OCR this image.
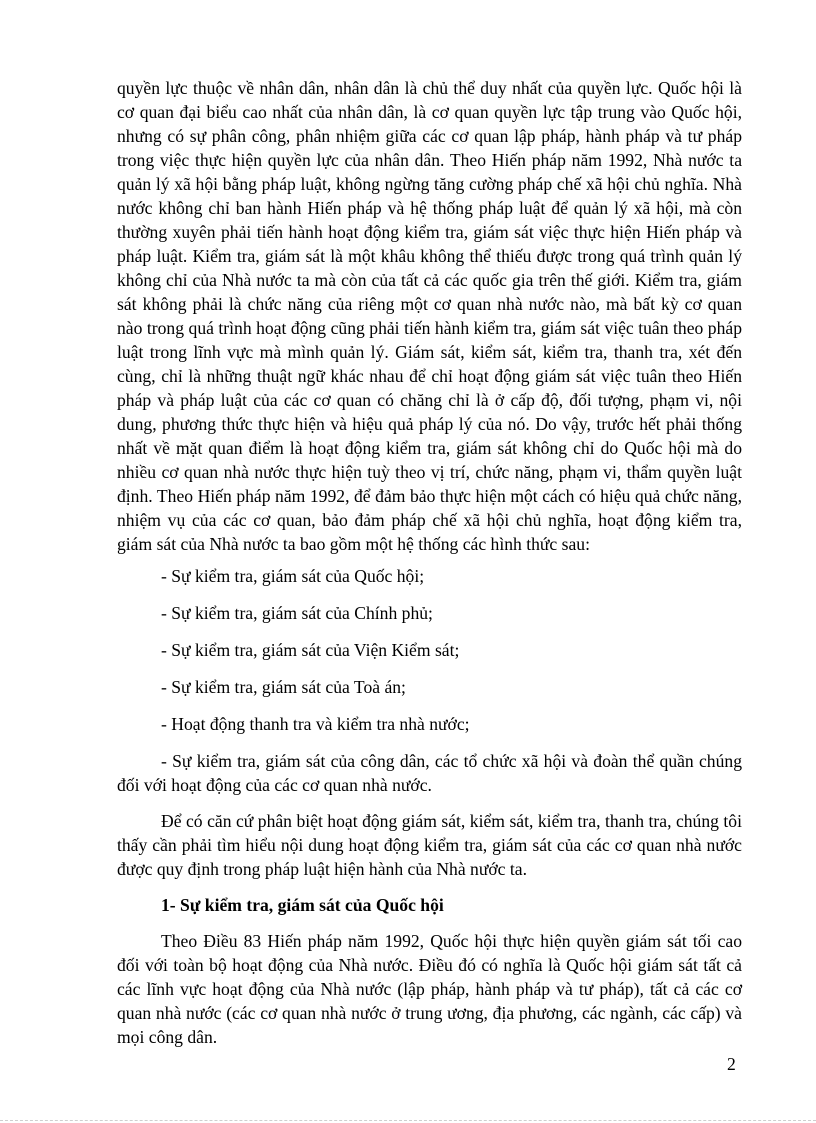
quyền lực thuộc về nhân dân, nhân dân là chủ thể duy nhất của quyền lực. Quốc hội là cơ quan đại biểu cao nhất của nhân dân, là cơ quan quyền lực tập trung vào Quốc hội, nhưng có sự phân công, phân nhiệm giữa các cơ quan lập pháp, hành pháp và tư pháp trong việc thực hiện quyền lực của nhân dân. Theo Hiến pháp năm 1992, Nhà nước ta quản lý xã hội bằng pháp luật, không ngừng tăng cường pháp chế xã hội chủ nghĩa. Nhà nước không chỉ ban hành Hiến pháp và hệ thống pháp luật để quản lý xã hội, mà còn thường xuyên phải tiến hành hoạt động kiểm tra, giám sát việc thực hiện Hiến pháp và pháp luật. Kiểm tra, giám sát là một khâu không thể thiếu được trong quá trình quản lý không chỉ của Nhà nước ta mà còn của tất cả các quốc gia trên thế giới. Kiểm tra, giám sát không phải là chức năng của riêng một cơ quan nhà nước nào, mà bất kỳ cơ quan nào trong quá trình hoạt động cũng phải tiến hành kiểm tra, giám sát việc tuân theo pháp luật trong lĩnh vực mà mình quản lý. Giám sát, kiểm sát, kiểm tra, thanh tra, xét đến cùng, chỉ là những thuật ngữ khác nhau để chỉ hoạt động giám sát việc tuân theo Hiến pháp và pháp luật của các cơ quan có chăng chỉ là ở cấp độ, đối tượng, phạm vi, nội dung, phương thức thực hiện và hiệu quả pháp lý của nó. Do vậy, trước hết phải thống nhất về mặt quan điểm là hoạt động kiểm tra, giám sát không chỉ do Quốc hội mà do nhiều cơ quan nhà nước thực hiện tuỳ theo vị trí, chức năng, phạm vi, thẩm quyền luật định. Theo Hiến pháp năm 1992, để đảm bảo thực hiện một cách có hiệu quả chức năng, nhiệm vụ của các cơ quan, bảo đảm pháp chế xã hội chủ nghĩa, hoạt động kiểm tra, giám sát của Nhà nước ta bao gồm một hệ thống các hình thức sau:

- Sự kiểm tra, giám sát của Quốc hội;

- Sự kiểm tra, giám sát của Chính phủ;

- Sự kiểm tra, giám sát của Viện Kiểm sát;

- Sự kiểm tra, giám sát của Toà án;

- Hoạt động thanh tra và kiểm tra nhà nước;

- Sự kiểm tra, giám sát của công dân, các tổ chức xã hội và đoàn thể quần chúng đối với hoạt động của các cơ quan nhà nước.

Để có căn cứ phân biệt hoạt động giám sát, kiểm sát, kiểm tra, thanh tra, chúng tôi thấy cần phải tìm hiểu nội dung hoạt động kiểm tra, giám sát của các cơ quan nhà nước được quy định trong pháp luật hiện hành của Nhà nước ta.

1- Sự kiểm tra, giám sát của Quốc hội

Theo Điều 83 Hiến pháp năm 1992, Quốc hội thực hiện quyền giám sát tối cao đối với toàn bộ hoạt động của Nhà nước. Điều đó có nghĩa là Quốc hội giám sát tất cả các lĩnh vực hoạt động của Nhà nước (lập pháp, hành pháp và tư pháp), tất cả các cơ quan nhà nước (các cơ quan nhà nước ở trung ương, địa phương, các ngành, các cấp) và mọi công dân.

2
